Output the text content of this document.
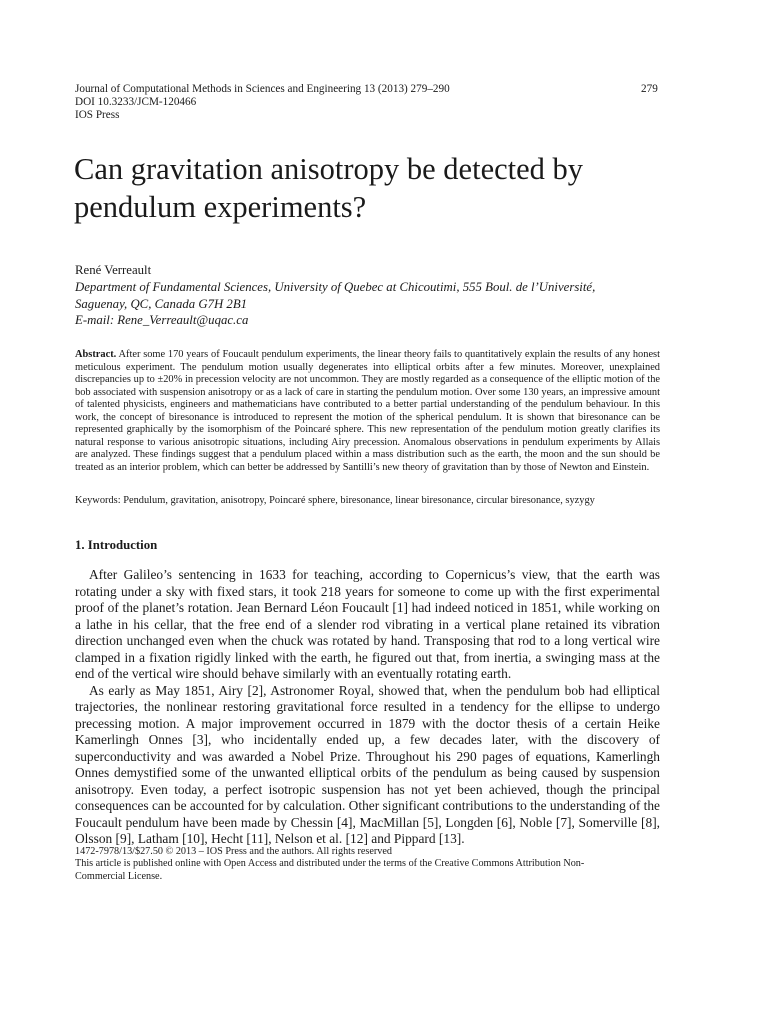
Journal of Computational Methods in Sciences and Engineering 13 (2013) 279–290
DOI 10.3233/JCM-120466
IOS Press
279
Can gravitation anisotropy be detected by pendulum experiments?
René Verreault
Department of Fundamental Sciences, University of Quebec at Chicoutimi, 555 Boul. de l’Université,
Saguenay, QC, Canada G7H 2B1
E-mail: Rene_Verreault@uqac.ca
Abstract. After some 170 years of Foucault pendulum experiments, the linear theory fails to quantitatively explain the results of any honest meticulous experiment. The pendulum motion usually degenerates into elliptical orbits after a few minutes. Moreover, unexplained discrepancies up to ±20% in precession velocity are not uncommon. They are mostly regarded as a consequence of the elliptic motion of the bob associated with suspension anisotropy or as a lack of care in starting the pendulum motion. Over some 130 years, an impressive amount of talented physicists, engineers and mathematicians have contributed to a better partial understanding of the pendulum behaviour. In this work, the concept of biresonance is introduced to represent the motion of the spherical pendulum. It is shown that biresonance can be represented graphically by the isomorphism of the Poincaré sphere. This new representation of the pendulum motion greatly clarifies its natural response to various anisotropic situations, including Airy precession. Anomalous observations in pendulum experiments by Allais are analyzed. These findings suggest that a pendulum placed within a mass distribution such as the earth, the moon and the sun should be treated as an interior problem, which can better be addressed by Santilli’s new theory of gravitation than by those of Newton and Einstein.
Keywords: Pendulum, gravitation, anisotropy, Poincaré sphere, biresonance, linear biresonance, circular biresonance, syzygy
1. Introduction

After Galileo’s sentencing in 1633 for teaching, according to Copernicus’s view, that the earth was rotating under a sky with fixed stars, it took 218 years for someone to come up with the first experimental proof of the planet’s rotation. Jean Bernard Léon Foucault [1] had indeed noticed in 1851, while working on a lathe in his cellar, that the free end of a slender rod vibrating in a vertical plane retained its vibration direction unchanged even when the chuck was rotated by hand. Transposing that rod to a long vertical wire clamped in a fixation rigidly linked with the earth, he figured out that, from inertia, a swinging mass at the end of the vertical wire should behave similarly with an eventually rotating earth.

As early as May 1851, Airy [2], Astronomer Royal, showed that, when the pendulum bob had elliptical trajectories, the nonlinear restoring gravitational force resulted in a tendency for the ellipse to undergo precessing motion. A major improvement occurred in 1879 with the doctor thesis of a certain Heike Kamerlingh Onnes [3], who incidentally ended up, a few decades later, with the discovery of superconductivity and was awarded a Nobel Prize. Throughout his 290 pages of equations, Kamerlingh Onnes demystified some of the unwanted elliptical orbits of the pendulum as being caused by suspension anisotropy. Even today, a perfect isotropic suspension has not yet been achieved, though the principal consequences can be accounted for by calculation. Other significant contributions to the understanding of the Foucault pendulum have been made by Chessin [4], MacMillan [5], Longden [6], Noble [7], Somerville [8], Olsson [9], Latham [10], Hecht [11], Nelson et al. [12] and Pippard [13].

1472-7978/13/$27.50 © 2013 – IOS Press and the authors. All rights reserved
This article is published online with Open Access and distributed under the terms of the Creative Commons Attribution Non-
Commercial License.
